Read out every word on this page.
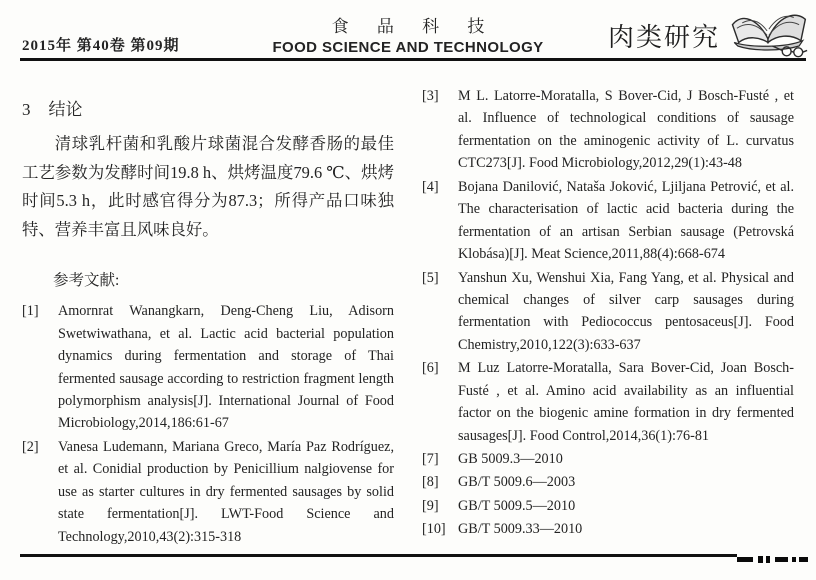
2015年 第40卷 第09期
食 品 科 技
FOOD SCIENCE AND TECHNOLOGY 肉类研究
3 结论

清球乳杆菌和乳酸片球菌混合发酵香肠的最佳工艺参数为发酵时间19.8 h、烘烤温度79.6 ℃、烘烤时间5.3 h，此时感官得分为87.3；所得产品口味独特、营养丰富且风味良好。

参考文献:
[1]	Amornrat Wanangkarn, Deng-Cheng Liu, Adisorn Swetwiwathana, et al. Lactic acid bacterial population dynamics during fermentation and storage of Thai fermented sausage according to restriction fragment length polymorphism analysis[J]. International Journal of Food Microbiology,2014,186:61-67
[2]	Vanesa Ludemann, Mariana Greco, María Paz Rodríguez, et al. Conidial production by Penicillium nalgiovense for use as starter cultures in dry fermented sausages by solid state fermentation[J]. LWT-Food Science and Technology,2010,43(2):315-318
[3]	M L. Latorre-Moratalla, S Bover-Cid, J Bosch-Fusté , et al. Influence of technological conditions of sausage fermentation on the aminogenic activity of L. curvatus CTC273[J]. Food Microbiology,2012,29(1):43-48
[4]	Bojana Danilović, Nataša Joković, Ljiljana Petrović, et al. The characterisation of lactic acid bacteria during the fermentation of an artisan Serbian sausage (Petrovská Klobása)[J]. Meat Science,2011,88(4):668-674
[5]	Yanshun Xu, Wenshui Xia, Fang Yang, et al. Physical and chemical changes of silver carp sausages during fermentation with Pediococcus pentosaceus[J]. Food Chemistry,2010,122(3):633-637
[6]	M Luz Latorre-Moratalla, Sara Bover-Cid, Joan Bosch-Fusté , et al. Amino acid availability as an influential factor on the biogenic amine formation in dry fermented sausages[J]. Food Control,2014,36(1):76-81
[7]	GB 5009.3—2010
[8]	GB/T 5009.6—2003
[9]	GB/T 5009.5—2010
[10] GB/T 5009.33—2010
